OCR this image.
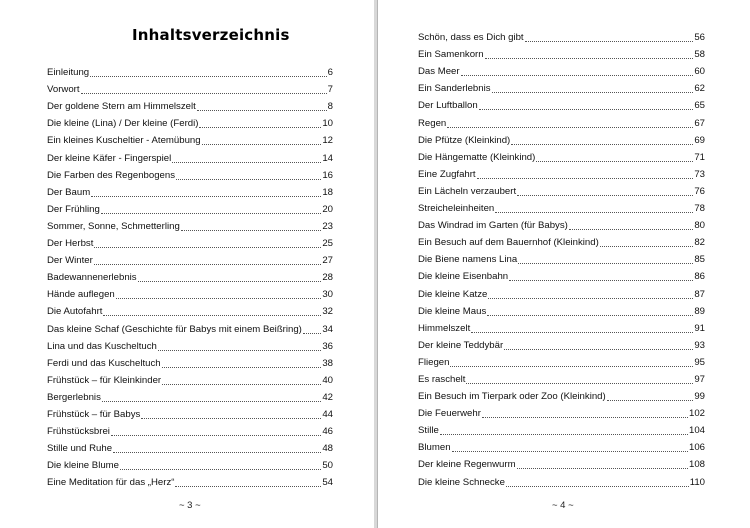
Inhaltsverzeichnis
Einleitung	6
Vorwort	7
Der goldene Stern am Himmelszelt	8
Die kleine (Lina) / Der kleine (Ferdi)	10
Ein kleines Kuscheltier - Atemübung	12
Der kleine Käfer - Fingerspiel	14
Die Farben des Regenbogens	16
Der Baum	18
Der Frühling	20
Sommer, Sonne, Schmetterling	23
Der Herbst	25
Der Winter	27
Badewannenerlebnis	28
Hände auflegen	30
Die Autofahrt	32
Das kleine Schaf (Geschichte für Babys mit einem Beißring) 34
Lina und das Kuscheltuch	36
Ferdi und das Kuscheltuch	38
Frühstück – für Kleinkinder	40
Bergerlebnis	42
Frühstück – für Babys	44
Frühstücksbrei	46
Stille und Ruhe	48
Die kleine Blume	50
Eine Meditation für das „Herz“	54
~ 3 ~
Schön, dass es Dich gibt	56
Ein Samenkorn	58
Das Meer	60
Ein Sanderlebnis	62
Der Luftballon	65
Regen	67
Die Pfütze (Kleinkind)	69
Die Hängematte (Kleinkind)	71
Eine Zugfahrt	73
Ein Lächeln verzaubert	76
Streicheleinheiten	78
Das Windrad im Garten (für Babys)	80
Ein Besuch auf dem Bauernhof (Kleinkind)	82
Die Biene namens Lina	85
Die kleine Eisenbahn	86
Die kleine Katze	87
Die kleine Maus	89
Himmelszelt	91
Der kleine Teddybär	93
Fliegen	95
Es raschelt	97
Ein Besuch im Tierpark oder Zoo (Kleinkind)	99
Die Feuerwehr	102
Stille	104
Blumen	106
Der kleine Regenwurm	108
Die kleine Schnecke	110
~ 4 ~
